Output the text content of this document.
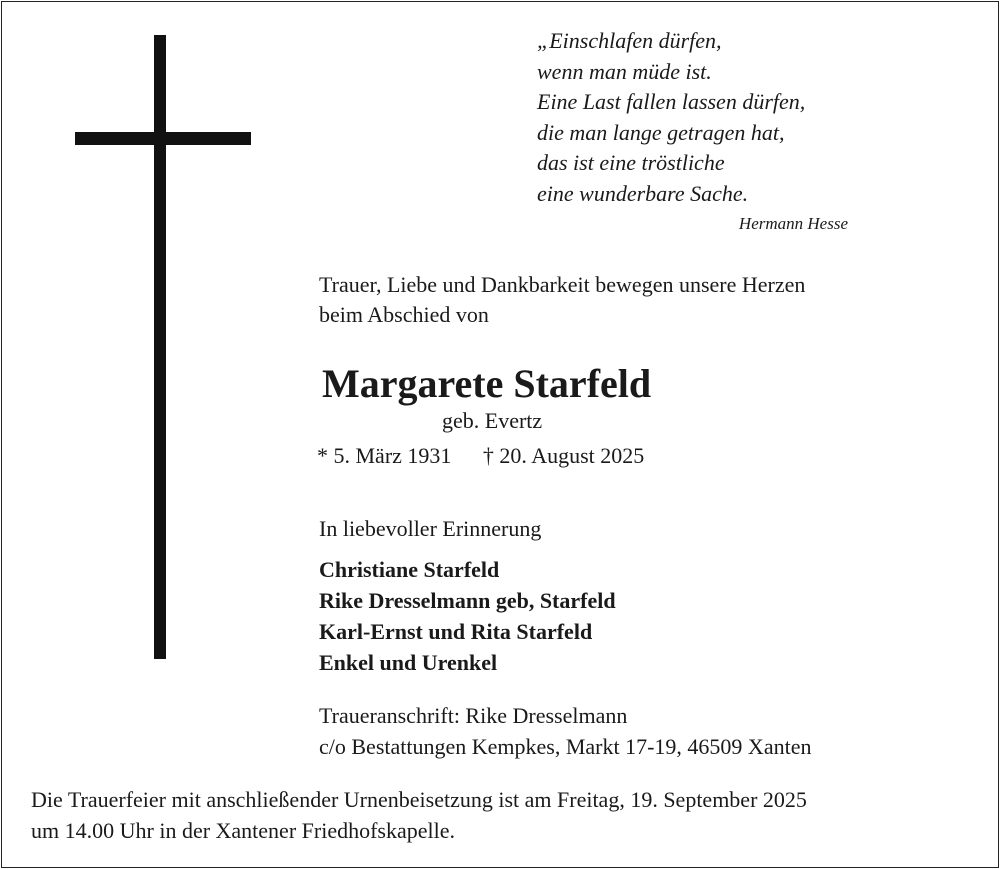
„Einschlafen dürfen,
wenn man müde ist.
Eine Last fallen lassen dürfen,
die man lange getragen hat,
das ist eine tröstliche
eine wunderbare Sache.
Hermann Hesse
Trauer, Liebe und Dankbarkeit bewegen unsere Herzen
beim Abschied von
Margarete Starfeld
geb. Evertz
* 5. März 1931 † 20. August 2025
In liebevoller Erinnerung
Christiane Starfeld
Rike Dresselmann geb, Starfeld
Karl-Ernst und Rita Starfeld
Enkel und Urenkel
Traueranschrift: Rike Dresselmann
c/o Bestattungen Kempkes, Markt 17-19, 46509 Xanten
Die Trauerfeier mit anschließender Urnenbeisetzung ist am Freitag, 19. September 2025
um 14.00 Uhr in der Xantener Friedhofskapelle.
